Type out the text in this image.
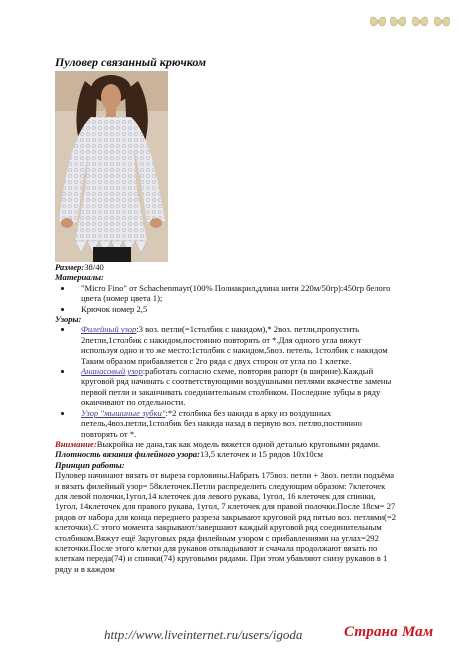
Пуловер связанный крючком

Размер:38/40

Материалы:

• "Micro Fino" от Schachenmayr(100% Полиакрил,длина нити 220м/50гр):450гр белого цвета (номер цвета 1);
• Крючок номер 2,5

Узоры:

• Филейный узор:3 воз. петли(=1столбик с накидом),* 2воз. петли,пропустить 2петли,1столбик с накидом,постоянно повторять от *.Для одного угла вяжут используя одно и то же место:1столбик с накидом,5воз. петель, 1столбик с накидом Таким образом прибавляется с 2го ряда с двух сторон от угла по 1 клетке.
• Ананасовый узор:работать согласно схеме, повторяя рапорт (в ширине).Каждый круговой ряд начинать с соответствующими воздушными петлями вкачестве замены первой петли и заканчивать соединительным столбиком. Последние зубцы в ряду оканчивают по отдельности.
• Узор "мышиные зубки":*2 столбика без накида в арку из воздушных петель,4воз.петли,1столбик без накида назад в первую воз. петлю,постоянно повторять от *.

Внимание:Выкройка не дана,так как модель вяжется одной деталью круговыми рядами.

Плотность вязания филейного узора:13,5 клеточек и 15 рядов 10х10см

Принцип работы:

Пуловер начинают вязать от выреза горловины.Набрать 175воз. петли + 3воз. петли подъёма и вязать филейный узор= 58клеточек.Петли распределить следующим образом: 7клеточек для левой полочки,1угол,14 клеточек для левого рукава, 1угол, 16 клеточек для спинки, 1угол, 14клеточек для правого рукава, 1угол, 7 клеточек для правой полочки.После 18см= 27 рядов от набора для конца переднего разреза закрывают круговой ряд пятью воз. петлями(=2 клеточки).С этого момента закрывают/завершают каждый круговой ряд соединительным столбиком.Вяжут ещё 3круговых ряда филейным узором с прибавлениями на углах=292 клеточки.После этого клетки для рукавов откладывают и счачала продолжают вязать по клеткам переда(74) и спинки(74) круговыми рядами. При этом убавляют снизу рукавов в 1 ряду и в каждом

http://www.liveinternet.ru/users/igoda	Страна Мам
